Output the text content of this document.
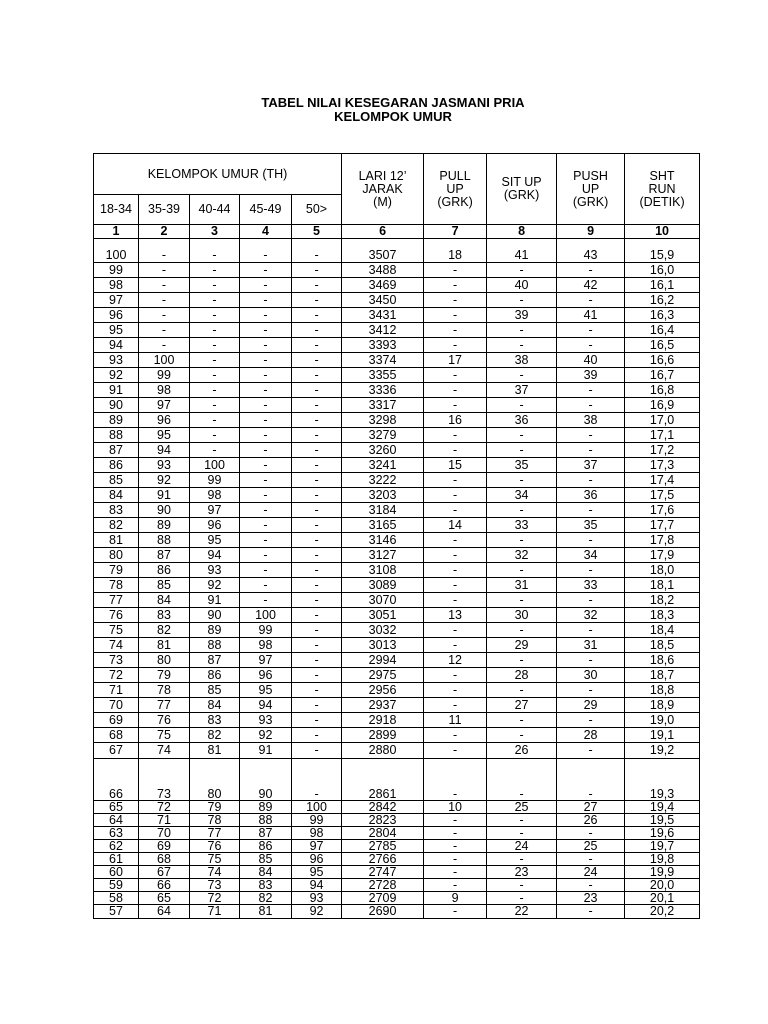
TABEL NILAI KESEGARAN JASMANI PRIA
KELOMPOK UMUR
KELOMPOK UMUR (TH)					LARI 12’
JARAK
(M)	PULL
UP
(GRK)	SIT UP
(GRK)	PUSH
UP
(GRK)	SHT
RUN
(DETIK)
18-34	35-39	40-44	45-49	50>					
1	2	3	4	5	6	7	8	9	10
100	-	-	-	-	3507	18	41	43	15,9
99	-	-	-	-	3488	-	-	-	16,0
98	-	-	-	-	3469	-	40	42	16,1
97	-	-	-	-	3450	-	-	-	16,2
96	-	-	-	-	3431	-	39	41	16,3
95	-	-	-	-	3412	-	-	-	16,4
94	-	-	-	-	3393	-	-	-	16,5
93	100	-	-	-	3374	17	38	40	16,6
92	99	-	-	-	3355	-	-	39	16,7
91	98	-	-	-	3336	-	37	-	16,8
90	97	-	-	-	3317	-	-	-	16,9
89	96	-	-	-	3298	16	36	38	17,0
88	95	-	-	-	3279	-	-	-	17,1
87	94	-	-	-	3260	-	-	-	17,2
86	93	100	-	-	3241	15	35	37	17,3
85	92	99	-	-	3222	-	-	-	17,4
84	91	98	-	-	3203	-	34	36	17,5
83	90	97	-	-	3184	-	-	-	17,6
82	89	96	-	-	3165	14	33	35	17,7
81	88	95	-	-	3146	-	-	-	17,8
80	87	94	-	-	3127	-	32	34	17,9
79	86	93	-	-	3108	-	-	-	18,0
78	85	92	-	-	3089	-	31	33	18,1
77	84	91	-	-	3070	-	-	-	18,2
76	83	90	100	-	3051	13	30	32	18,3
75	82	89	99	-	3032	-	-	-	18,4
74	81	88	98	-	3013	-	29	31	18,5
73	80	87	97	-	2994	12	-	-	18,6
72	79	86	96	-	2975	-	28	30	18,7
71	78	85	95	-	2956	-	-	-	18,8
70	77	84	94	-	2937	-	27	29	18,9
69	76	83	93	-	2918	11	-	-	19,0
68	75	82	92	-	2899	-	-	28	19,1
67	74	81	91	-	2880	-	26	-	19,2
66	73	80	90	-	2861	-	-	-	19,3
65	72	79	89	100	2842	10	25	27	19,4
64	71	78	88	99	2823	-	-	26	19,5
63	70	77	87	98	2804	-	-	-	19,6
62	69	76	86	97	2785	-	24	25	19,7
61	68	75	85	96	2766	-	-	-	19,8
60	67	74	84	95	2747	-	23	24	19,9
59	66	73	83	94	2728	-	-	-	20,0
58	65	72	82	93	2709	9	-	23	20,1
57	64	71	81	92	2690	-	22	-	20,2
